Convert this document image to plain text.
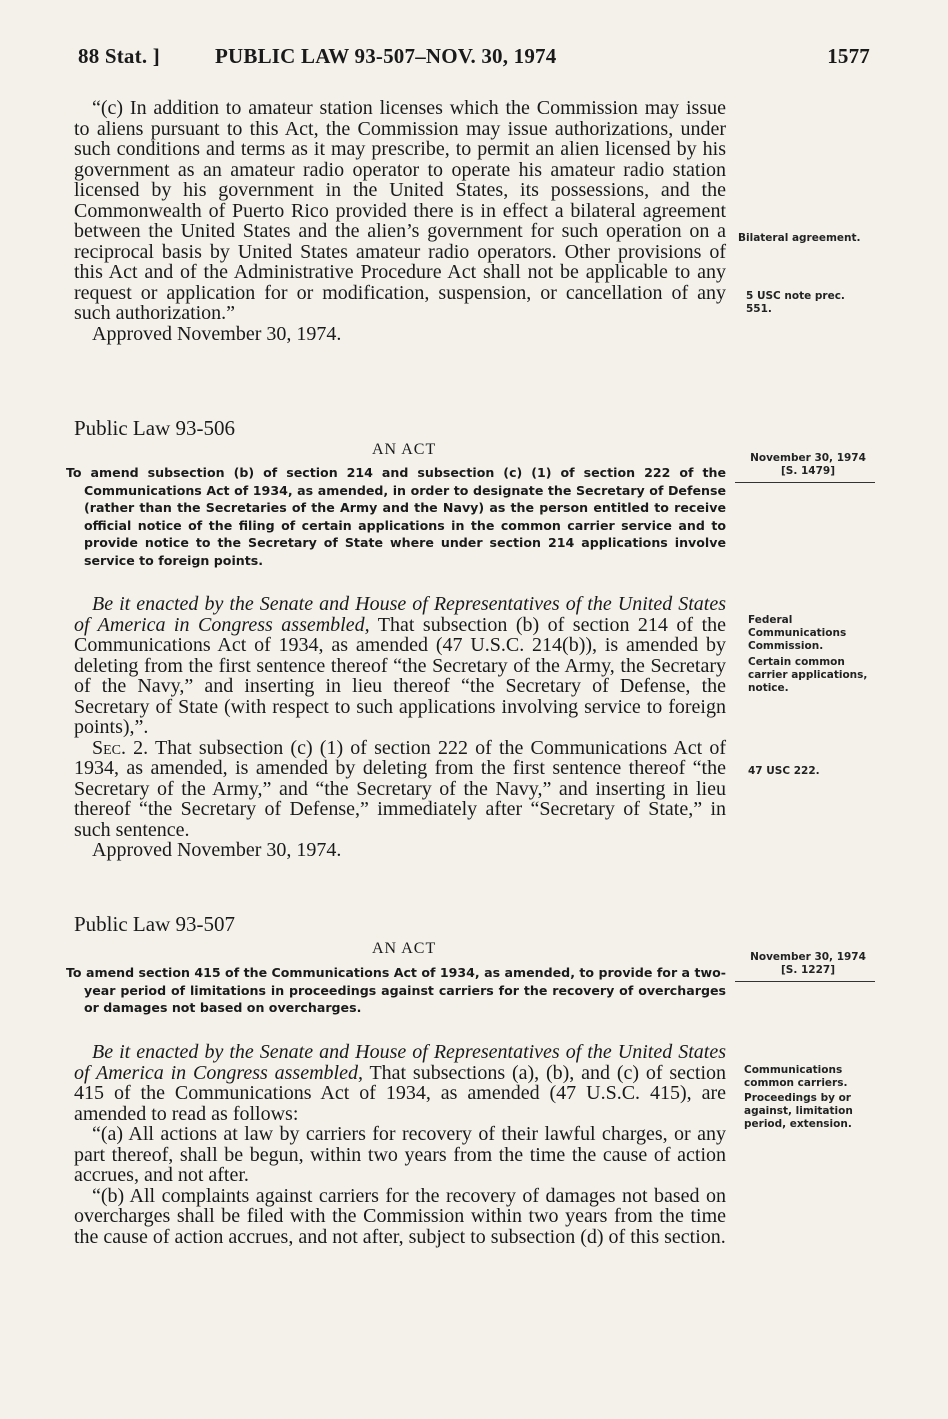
88 Stat. ]	PUBLIC LAW 93-507–NOV. 30, 1974	1577

“(c) In addition to amateur station licenses which the Commission may issue to aliens pursuant to this Act, the Commission may issue authorizations, under such conditions and terms as it may prescribe, to permit an alien licensed by his government as an amateur radio operator to operate his amateur radio station licensed by his government in the United States, its possessions, and the Commonwealth of Puerto Rico provided there is in effect a bilateral agreement between the United States and the alien’s government for such operation on a reciprocal basis by United States amateur radio operators. Other provisions of this Act and of the Administrative Procedure Act shall not be applicable to any request or application for or modification, suspension, or cancellation of any such authorization.”

Approved November 30, 1974.

Bilateral agreement.
5 USC note prec. 551.
Public Law 93-506
AN ACT	November 30, 1974
[S. 1479]
To amend subsection (b) of section 214 and subsection (c) (1) of section 222 of the Communications Act of 1934, as amended, in order to designate the Secretary of Defense (rather than the Secretaries of the Army and the Navy) as the person entitled to receive official notice of the filing of certain applications in the common carrier service and to provide notice to the Secretary of State where under section 214 applications involve service to foreign points.

Be it enacted by the Senate and House of Representatives of the United States of America in Congress assembled, That subsection (b) of section 214 of the Communications Act of 1934, as amended (47 U.S.C. 214(b)), is amended by deleting from the first sentence thereof “the Secretary of the Army, the Secretary of the Navy,” and inserting in lieu thereof “the Secretary of Defense, the Secretary of State (with respect to such applications involving service to foreign points),”.

Sec. 2. That subsection (c) (1) of section 222 of the Communications Act of 1934, as amended, is amended by deleting from the first sentence thereof “the Secretary of the Army,” and “the Secretary of the Navy,” and inserting in lieu thereof “the Secretary of Defense,” immediately after “Secretary of State,” in such sentence.

Approved November 30, 1974.

Federal Communications Commission.
Certain common carrier applications, notice.
47 USC 222.
Public Law 93-507
AN ACT	November 30, 1974
[S. 1227]
To amend section 415 of the Communications Act of 1934, as amended, to provide for a two-year period of limitations in proceedings against carriers for the recovery of overcharges or damages not based on overcharges.

Be it enacted by the Senate and House of Representatives of the United States of America in Congress assembled, That subsections (a), (b), and (c) of section 415 of the Communications Act of 1934, as amended (47 U.S.C. 415), are amended to read as follows:

“(a) All actions at law by carriers for recovery of their lawful charges, or any part thereof, shall be begun, within two years from the time the cause of action accrues, and not after.

“(b) All complaints against carriers for the recovery of damages not based on overcharges shall be filed with the Commission within two years from the time the cause of action accrues, and not after, subject to subsection (d) of this section.

Communications common carriers.
Proceedings by or against, limitation period, extension.
